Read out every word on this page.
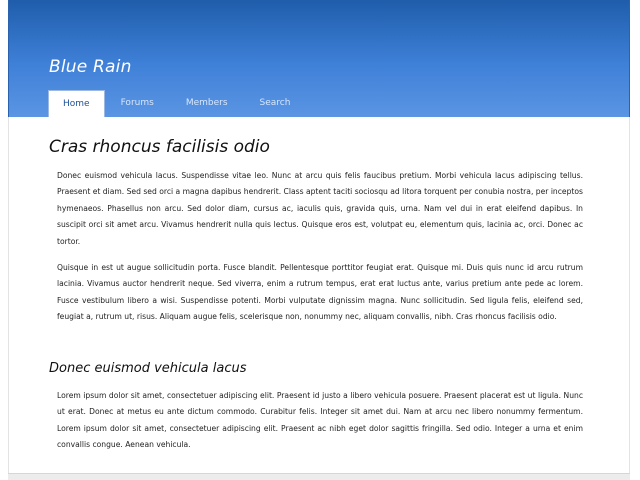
Blue Rain
Home	Forums	Members	Search
Cras rhoncus facilisis odio

Donec euismod vehicula lacus. Suspendisse vitae leo. Nunc at arcu quis felis faucibus pretium. Morbi vehicula lacus adipiscing tellus. Praesent et diam. Sed sed orci a magna dapibus hendrerit. Class aptent taciti sociosqu ad litora torquent per conubia nostra, per inceptos hymenaeos. Phasellus non arcu. Sed dolor diam, cursus ac, iaculis quis, gravida quis, urna. Nam vel dui in erat eleifend dapibus. In suscipit orci sit amet arcu. Vivamus hendrerit nulla quis lectus. Quisque eros est, volutpat eu, elementum quis, lacinia ac, orci. Donec ac tortor.

Quisque in est ut augue sollicitudin porta. Fusce blandit. Pellentesque porttitor feugiat erat. Quisque mi. Duis quis nunc id arcu rutrum lacinia. Vivamus auctor hendrerit neque. Sed viverra, enim a rutrum tempus, erat erat luctus ante, varius pretium ante pede ac lorem. Fusce vestibulum libero a wisi. Suspendisse potenti. Morbi vulputate dignissim magna. Nunc sollicitudin. Sed ligula felis, eleifend sed, feugiat a, rutrum ut, risus. Aliquam augue felis, scelerisque non, nonummy nec, aliquam convallis, nibh. Cras rhoncus facilisis odio.

Donec euismod vehicula lacus

Lorem ipsum dolor sit amet, consectetuer adipiscing elit. Praesent id justo a libero vehicula posuere. Praesent placerat est ut ligula. Nunc ut erat. Donec at metus eu ante dictum commodo. Curabitur felis. Integer sit amet dui. Nam at arcu nec libero nonummy fermentum. Lorem ipsum dolor sit amet, consectetuer adipiscing elit. Praesent ac nibh eget dolor sagittis fringilla. Sed odio. Integer a urna et enim convallis congue. Aenean vehicula.
